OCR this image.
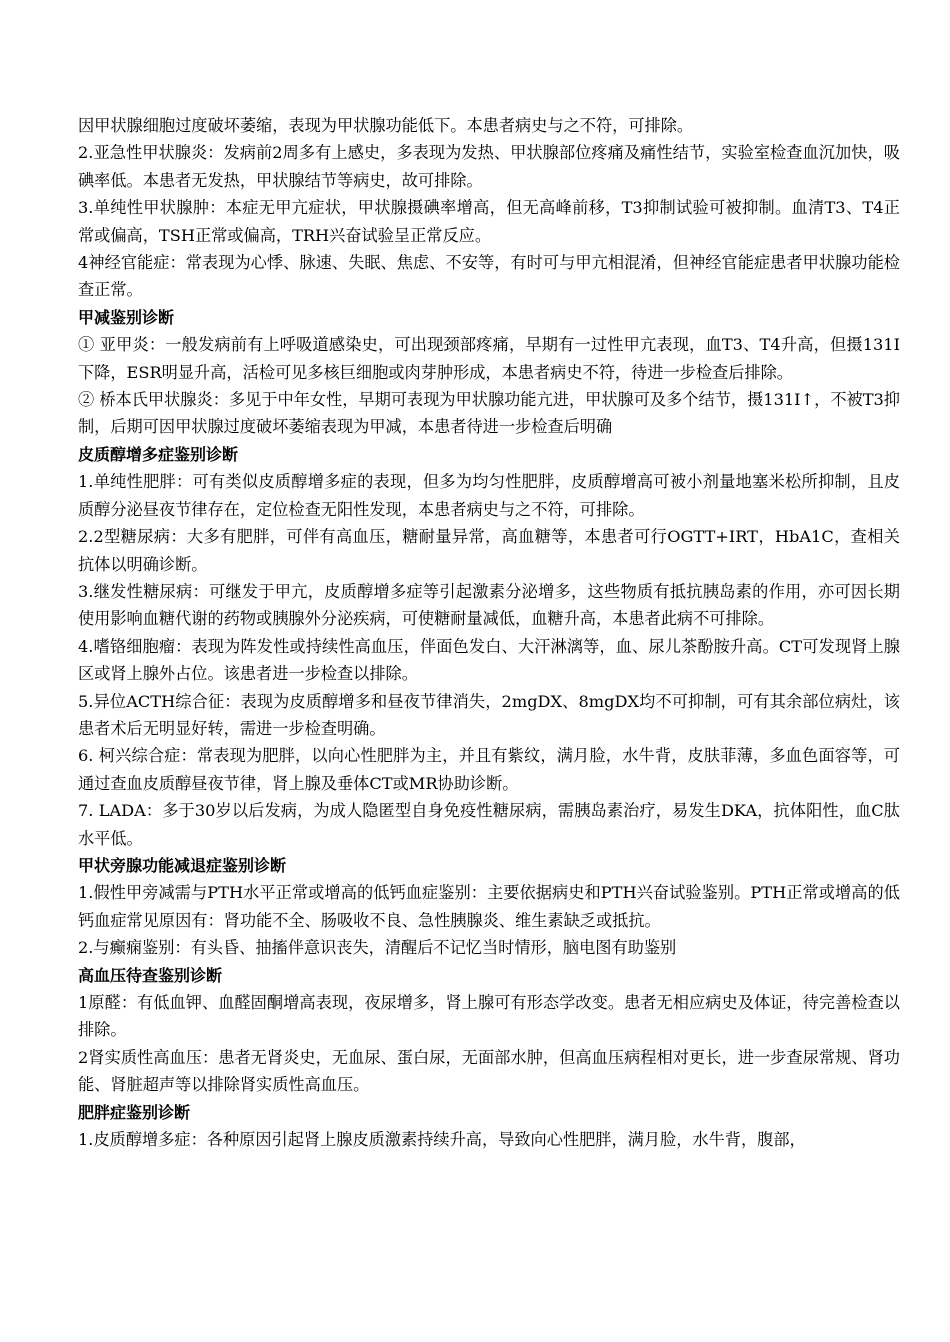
因甲状腺细胞过度破坏萎缩，表现为甲状腺功能低下。本患者病史与之不符，可排除。

2.亚急性甲状腺炎：发病前2周多有上感史，多表现为发热、甲状腺部位疼痛及痛性结节，实验室检查血沉加快，吸碘率低。本患者无发热，甲状腺结节等病史，故可排除。

3.单纯性甲状腺肿：本症无甲亢症状，甲状腺摄碘率增高，但无高峰前移，T3抑制试验可被抑制。血清T3、T4正常或偏高，TSH正常或偏高，TRH兴奋试验呈正常反应。

4神经官能症：常表现为心悸、脉速、失眠、焦虑、不安等，有时可与甲亢相混淆，但神经官能症患者甲状腺功能检查正常。

甲减鉴别诊断

① 亚甲炎：一般发病前有上呼吸道感染史，可出现颈部疼痛，早期有一过性甲亢表现，血T3、T4升高，但摄131I下降，ESR明显升高，活检可见多核巨细胞或肉芽肿形成，本患者病史不符，待进一步检查后排除。

② 桥本氏甲状腺炎：多见于中年女性，早期可表现为甲状腺功能亢进，甲状腺可及多个结节，摄131I↑，不被T3抑制，后期可因甲状腺过度破坏萎缩表现为甲减，本患者待进一步检查后明确

皮质醇增多症鉴别诊断

1.单纯性肥胖：可有类似皮质醇增多症的表现，但多为均匀性肥胖，皮质醇增高可被小剂量地塞米松所抑制，且皮质醇分泌昼夜节律存在，定位检查无阳性发现，本患者病史与之不符，可排除。

2.2型糖尿病：大多有肥胖，可伴有高血压，糖耐量异常，高血糖等，本患者可行OGTT+IRT，HbA1C，查相关抗体以明确诊断。

3.继发性糖尿病：可继发于甲亢，皮质醇增多症等引起激素分泌增多，这些物质有抵抗胰岛素的作用，亦可因长期使用影响血糖代谢的药物或胰腺外分泌疾病，可使糖耐量减低，血糖升高，本患者此病不可排除。

4.嗜铬细胞瘤：表现为阵发性或持续性高血压，伴面色发白、大汗淋漓等，血、尿儿茶酚胺升高。CT可发现肾上腺区或肾上腺外占位。该患者进一步检查以排除。

5.异位ACTH综合征：表现为皮质醇增多和昼夜节律消失，2mgDX、8mgDX均不可抑制，可有其余部位病灶，该患者术后无明显好转，需进一步检查明确。

6. 柯兴综合症：常表现为肥胖，以向心性肥胖为主，并且有紫纹，满月脸，水牛背，皮肤菲薄，多血色面容等，可通过查血皮质醇昼夜节律，肾上腺及垂体CT或MR协助诊断。

7. LADA：多于30岁以后发病，为成人隐匿型自身免疫性糖尿病，需胰岛素治疗，易发生DKA，抗体阳性，血C肽水平低。

甲状旁腺功能减退症鉴别诊断

1.假性甲旁减需与PTH水平正常或增高的低钙血症鉴别：主要依据病史和PTH兴奋试验鉴别。PTH正常或增高的低钙血症常见原因有：肾功能不全、肠吸收不良、急性胰腺炎、维生素缺乏或抵抗。

2.与癫痫鉴别：有头昏、抽搐伴意识丧失，清醒后不记忆当时情形，脑电图有助鉴别

高血压待查鉴别诊断

1原醛：有低血钾、血醛固酮增高表现，夜尿增多，肾上腺可有形态学改变。患者无相应病史及体证，待完善检查以排除。

2肾实质性高血压：患者无肾炎史，无血尿、蛋白尿，无面部水肿，但高血压病程相对更长，进一步查尿常规、肾功能、肾脏超声等以排除肾实质性高血压。

肥胖症鉴别诊断

1.皮质醇增多症：各种原因引起肾上腺皮质激素持续升高，导致向心性肥胖，满月脸，水牛背，腹部，
